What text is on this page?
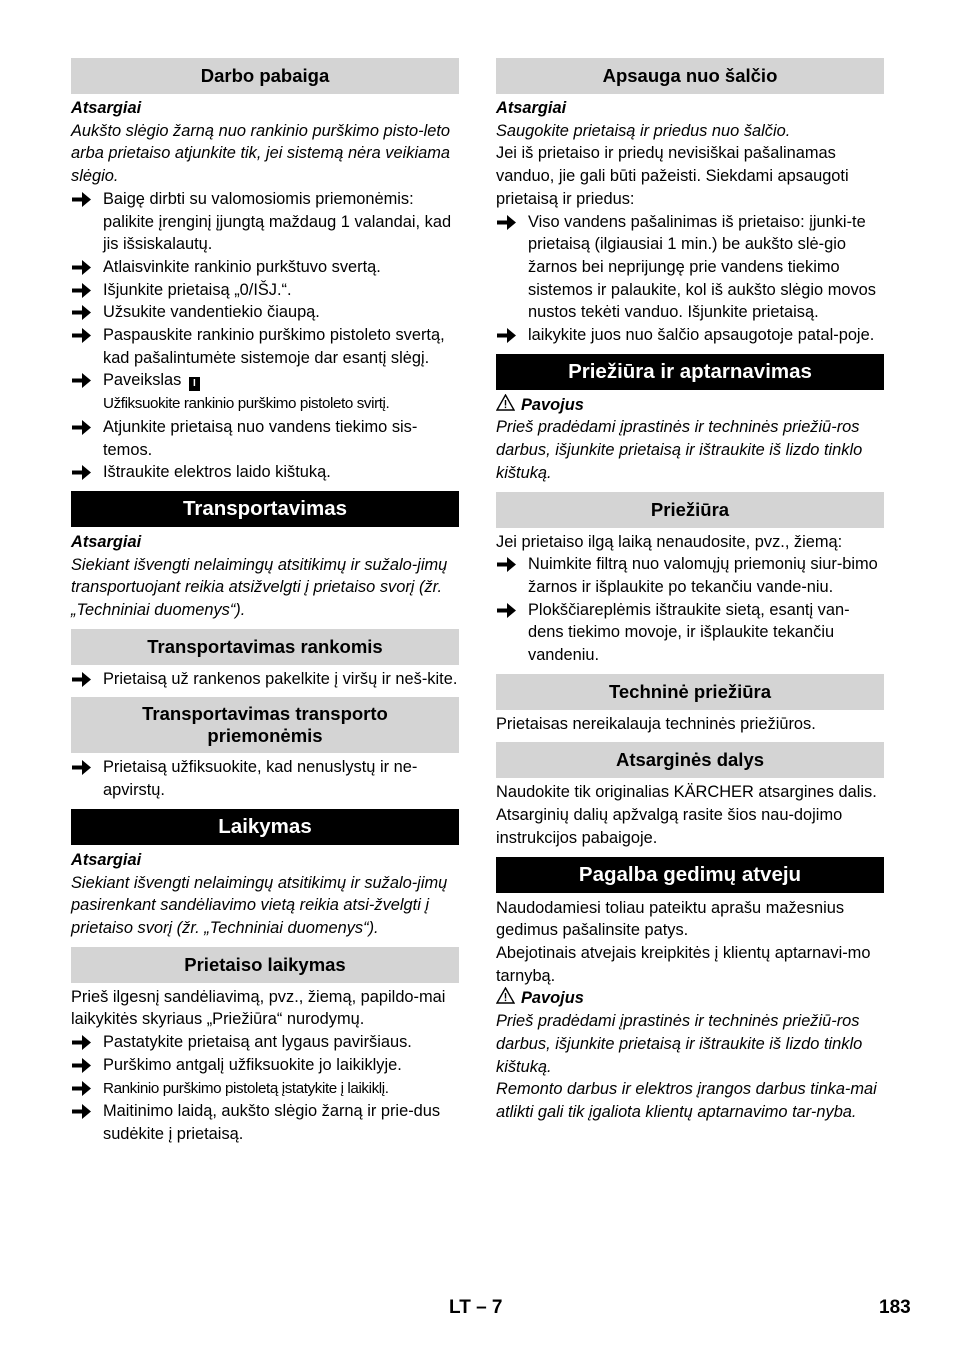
Darbo pabaiga
Atsargiai
Aukšto slėgio žarną nuo rankinio purškimo pisto-leto arba prietaiso atjunkite tik, jei sistemą nėra veikiama slėgio.
Baigę dirbti su valomosiomis priemonėmis: palikite įrenginį įjungtą maždaug 1 valandai, kad jis išsiskalautų.
Atlaisvinkite rankinio purkštuvo svertą.
Išjunkite prietaisą „0/IŠJ.“.
Užsukite vandentiekio čiaupą.
Paspauskite rankinio purškimo pistoleto svertą, kad pašalintumėte sistemoje dar esantį slėgį.
Paveikslas I
Užfiksuokite rankinio purškimo pistoleto svirtį.
Atjunkite prietaisą nuo vandens tiekimo sis-temos.
Ištraukite elektros laido kištuką.
Transportavimas
Atsargiai
Siekiant išvengti nelaimingų atsitikimų ir sužalo-jimų transportuojant reikia atsižvelgti į prietaiso svorį (žr. „Techniniai duomenys“).
Transportavimas rankomis
Prietaisą už rankenos pakelkite į viršų ir neš-kite.
Transportavimas transporto priemonėmis
Prietaisą užfiksuokite, kad nenuslystų ir ne-apvirstų.
Laikymas
Atsargiai
Siekiant išvengti nelaimingų atsitikimų ir sužalo-jimų pasirenkant sandėliavimo vietą reikia atsi-žvelgti į prietaiso svorį (žr. „Techniniai duomenys“).
Prietaiso laikymas
Prieš ilgesnį sandėliavimą, pvz., žiemą, papildo-mai laikykitės skyriaus „Priežiūra“ nurodymų.
Pastatykite prietaisą ant lygaus paviršiaus.
Purškimo antgalį užfiksuokite jo laikiklyje.
Rankinio purškimo pistoletą įstatykite į laikiklį.
Maitinimo laidą, aukšto slėgio žarną ir prie-dus sudėkite į prietaisą.
Apsauga nuo šalčio
Atsargiai
Saugokite prietaisą ir priedus nuo šalčio.
Jei iš prietaiso ir priedų nevisiškai pašalinamas vanduo, jie gali būti pažeisti. Siekdami apsaugoti prietaisą ir priedus:
Viso vandens pašalinimas iš prietaiso: įjunki-te prietaisą (ilgiausiai 1 min.) be aukšto slė-gio žarnos bei neprijungę prie vandens tiekimo sistemos ir palaukite, kol iš aukšto slėgio movos nustos tekėti vanduo. Išjunkite prietaisą.
laikykite juos nuo šalčio apsaugotoje patal-poje.
Priežiūra ir aptarnavimas
Pavojus
Prieš pradėdami įprastinės ir techninės priežiū-ros darbus, išjunkite prietaisą ir ištraukite iš lizdo tinklo kištuką.
Priežiūra
Jei prietaiso ilgą laiką nenaudosite, pvz., žiemą:
Nuimkite filtrą nuo valomųjų priemonių siur-bimo žarnos ir išplaukite po tekančiu vande-niu.
Plokščiareplėmis ištraukite sietą, esantį van-dens tiekimo movoje, ir išplaukite tekančiu vandeniu.
Techninė priežiūra
Prietaisas nereikalauja techninės priežiūros.
Atsarginės dalys
Naudokite tik originalias KÄRCHER atsargines dalis. Atsarginių dalių apžvalgą rasite šios nau-dojimo instrukcijos pabaigoje.
Pagalba gedimų atveju
Naudodamiesi toliau pateiktu aprašu mažesnius gedimus pašalinsite patys.
Abejotinais atvejais kreipkitės į klientų aptarnavi-mo tarnybą.
Pavojus
Prieš pradėdami įprastinės ir techninės priežiū-ros darbus, išjunkite prietaisą ir ištraukite iš lizdo tinklo kištuką.
Remonto darbus ir elektros įrangos darbus tinka-mai atlikti gali tik įgaliota klientų aptarnavimo tar-nyba.
LT – 7	183
